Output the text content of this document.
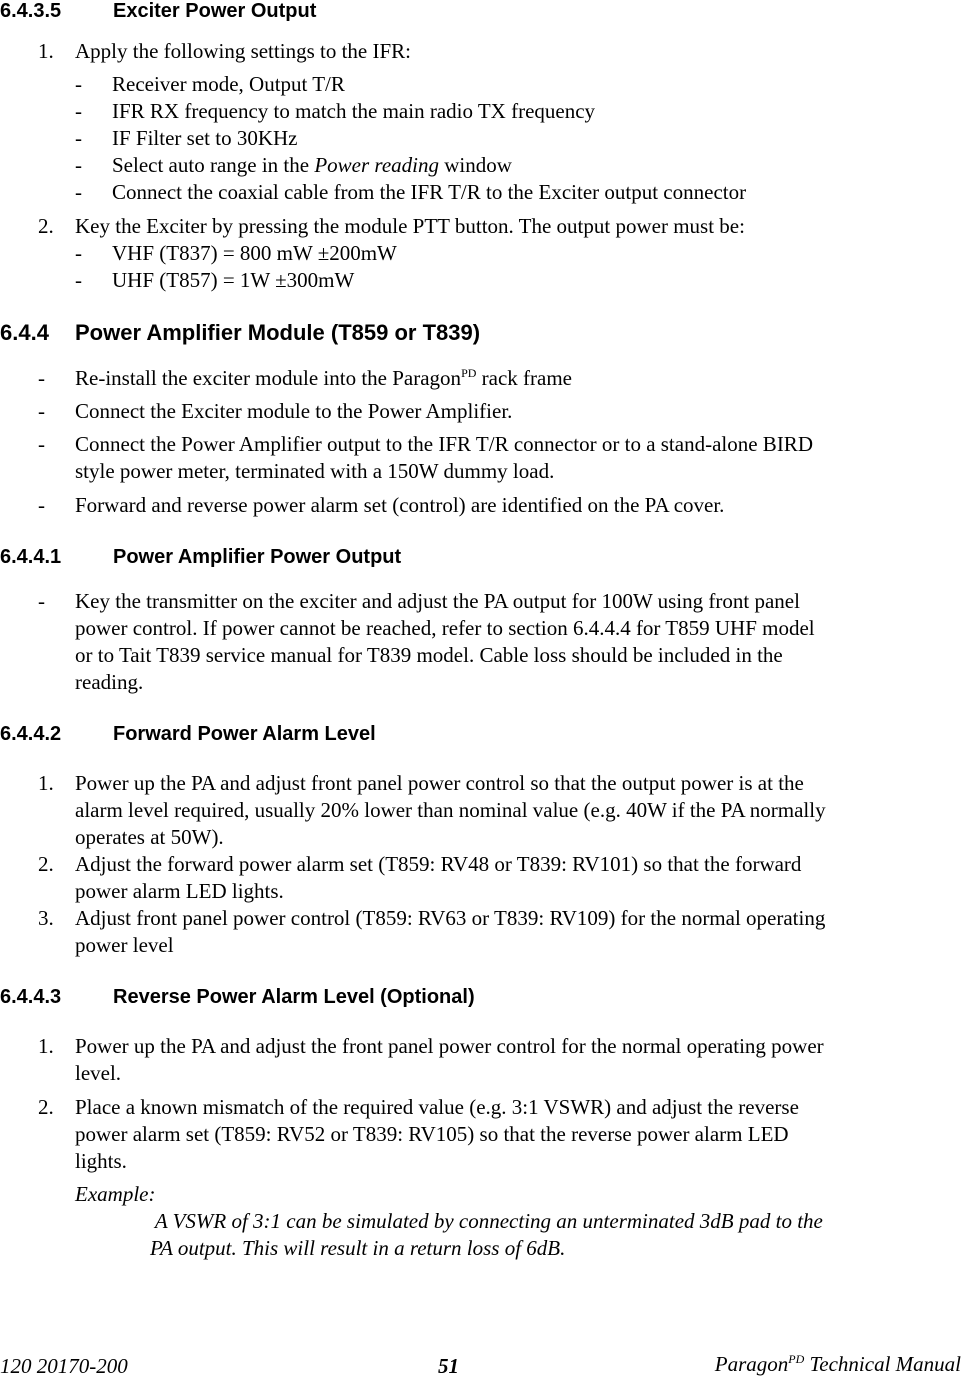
6.4.3.5	Exciter Power Output
1. Apply the following settings to the IFR:
- Receiver mode, Output T/R
- IFR RX frequency to match the main radio TX frequency
- IF Filter set to 30KHz
- Select auto range in the Power reading window
- Connect the coaxial cable from the IFR T/R to the Exciter output connector
2. Key the Exciter by pressing the module PTT button. The output power must be:
- VHF (T837) = 800 mW ±200mW
- UHF (T857) = 1W ±300mW
6.4.4 Power Amplifier Module (T859 or T839)
- Re-install the exciter module into the Paragon$^{PD}$ rack frame
- Connect the Exciter module to the Power Amplifier.
- Connect the Power Amplifier output to the IFR T/R connector or to a stand-alone BIRD
style power meter, terminated with a 150W dummy load.
- Forward and reverse power alarm set (control) are identified on the PA cover.
6.4.4.1	Power Amplifier Power Output
- Key the transmitter on the exciter and adjust the PA output for 100W using front panel
power control. If power cannot be reached, refer to section 6.4.4.4 for T859 UHF model
or to Tait T839 service manual for T839 model. Cable loss should be included in the
reading.
6.4.4.2	Forward Power Alarm Level
1. Power up the PA and adjust front panel power control so that the output power is at the
alarm level required, usually 20% lower than nominal value (e.g. 40W if the PA normally
operates at 50W).
2. Adjust the forward power alarm set (T859: RV48 or T839: RV101) so that the forward
power alarm LED lights.
3. Adjust front panel power control (T859: RV63 or T839: RV109) for the normal operating
power level
6.4.4.3	Reverse Power Alarm Level (Optional)
1. Power up the PA and adjust the front panel power control for the normal operating power
level.
2. Place a known mismatch of the required value (e.g. 3:1 VSWR) and adjust the reverse
power alarm set (T859: RV52 or T839: RV105) so that the reverse power alarm LED
lights.
Example:
A VSWR of 3:1 can be simulated by connecting an unterminated 3dB pad to the
PA output. This will result in a return loss of 6dB.
120 20170-200	51	Paragon$^{PD}$ Technical Manual
